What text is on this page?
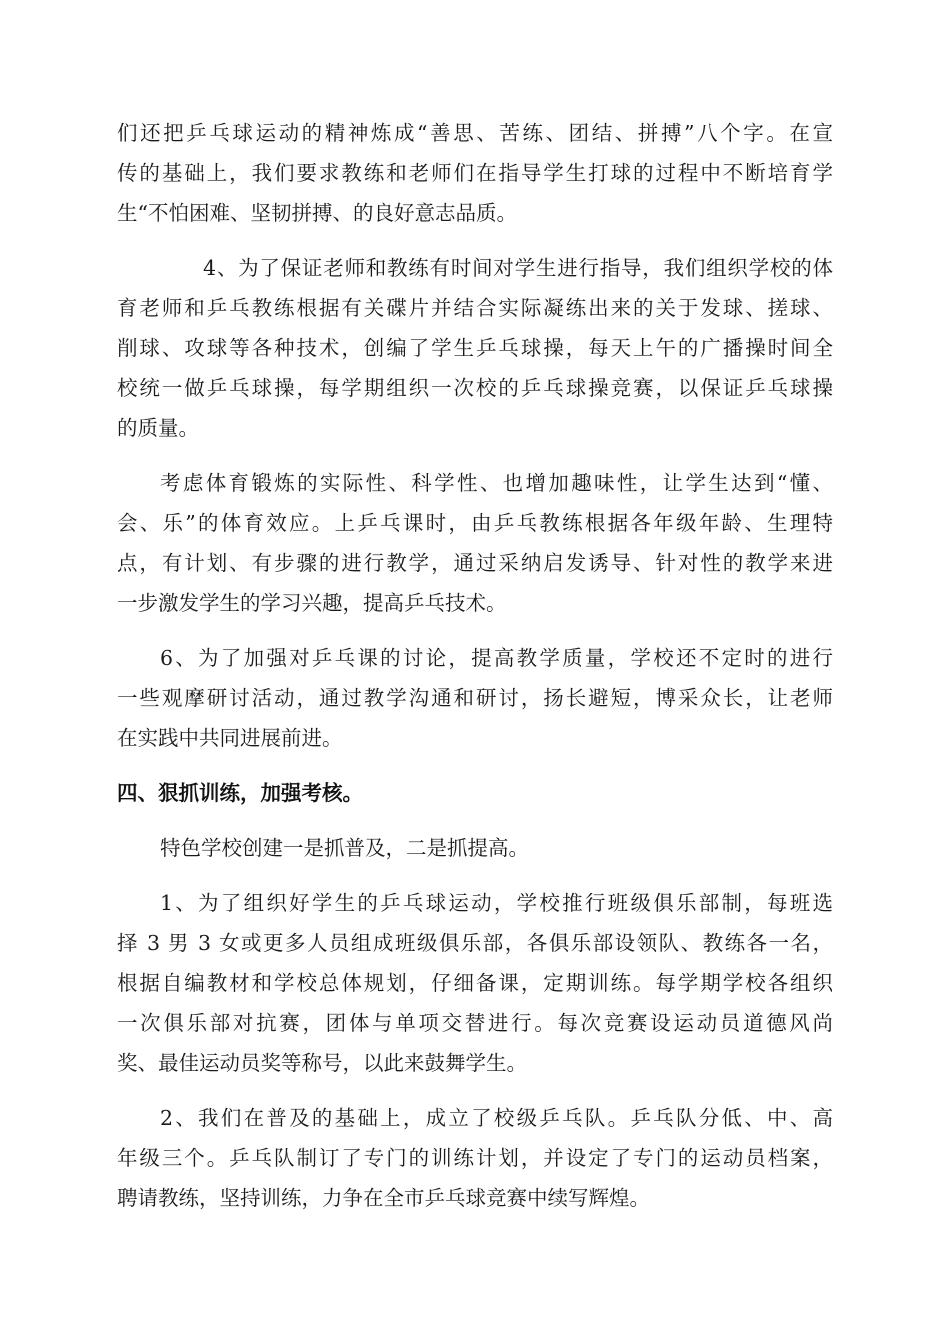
们还把乒乓球运动的精神炼成“善思、苦练、团结、拼搏”八个字。在宣
传的基础上，我们要求教练和老师们在指导学生打球的过程中不断培育学
生“不怕困难、坚韧拼搏、的良好意志品质。

4、为了保证老师和教练有时间对学生进行指导，我们组织学校的体
育老师和乒乓教练根据有关碟片并结合实际凝练出来的关于发球、搓球、
削球、攻球等各种技术，创编了学生乒乓球操，每天上午的广播操时间全
校统一做乒乓球操，每学期组织一次校的乒乓球操竞赛，以保证乒乓球操
的质量。

考虑体育锻炼的实际性、科学性、也增加趣味性，让学生达到“懂、
会、乐”的体育效应。上乒乓课时，由乒乓教练根据各年级年龄、生理特
点，有计划、有步骤的进行教学，通过采纳启发诱导、针对性的教学来进
一步激发学生的学习兴趣，提高乒乓技术。

6、为了加强对乒乓课的讨论，提高教学质量，学校还不定时的进行
一些观摩研讨活动，通过教学沟通和研讨，扬长避短，博采众长，让老师
在实践中共同进展前进。

四、狠抓训练，加强考核。

特色学校创建一是抓普及，二是抓提高。

1、为了组织好学生的乒乓球运动，学校推行班级俱乐部制，每班选
择 3 男 3 女或更多人员组成班级俱乐部，各俱乐部设领队、教练各一名，
根据自编教材和学校总体规划，仔细备课，定期训练。每学期学校各组织
一次俱乐部对抗赛，团体与单项交替进行。每次竞赛设运动员道德风尚
奖、最佳运动员奖等称号，以此来鼓舞学生。

2、我们在普及的基础上，成立了校级乒乓队。乒乓队分低、中、高
年级三个。乒乓队制订了专门的训练计划，并设定了专门的运动员档案，
聘请教练，坚持训练，力争在全市乒乓球竞赛中续写辉煌。
